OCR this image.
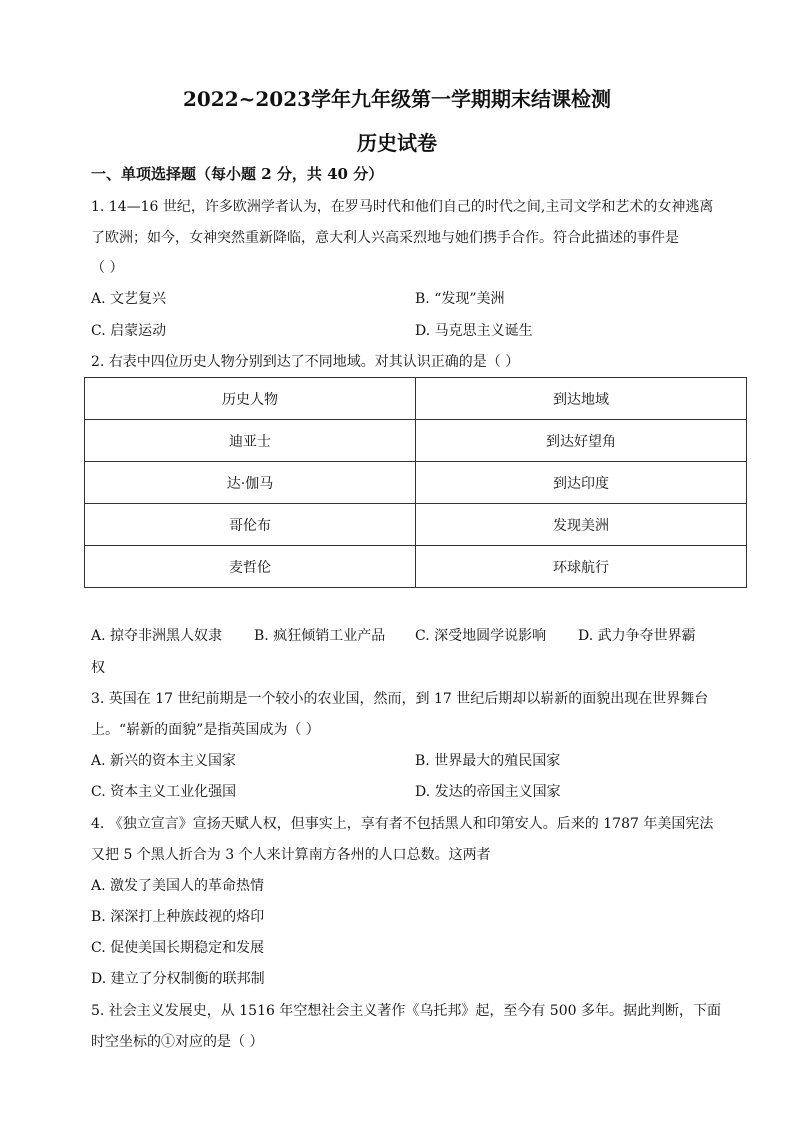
2022~2023学年九年级第一学期期末结课检测
历史试卷
一、单项选择题（每小题 2 分，共 40 分）
1. 14—16 世纪，许多欧洲学者认为，在罗马时代和他们自己的时代之间,主司文学和艺术的女神逃离
了欧洲；如今，女神突然重新降临，意大利人兴高采烈地与她们携手合作。符合此描述的事件是
（ ）
A. 文艺复兴	B. “发现”美洲
C. 启蒙运动	D. 马克思主义诞生
2. 右表中四位历史人物分别到达了不同地域。对其认识正确的是（ ）
历史人物	到达地域
迪亚士	到达好望角
达·伽马	到达印度
哥伦布	发现美洲
麦哲伦	环球航行
A. 掠夺非洲黑人奴隶 B. 疯狂倾销工业产品 C. 深受地圆学说影响 D. 武力争夺世界霸
权
3. 英国在 17 世纪前期是一个较小的农业国，然而，到 17 世纪后期却以崭新的面貌出现在世界舞台
上。“崭新的面貌”是指英国成为（ ）
A. 新兴的资本主义国家	B. 世界最大的殖民国家
C. 资本主义工业化强国	D. 发达的帝国主义国家
4. 《独立宣言》宣扬天赋人权，但事实上，享有者不包括黑人和印第安人。后来的 1787 年美国宪法
又把 5 个黑人折合为 3 个人来计算南方各州的人口总数。这两者
A. 激发了美国人的革命热情
B. 深深打上种族歧视的烙印
C. 促使美国长期稳定和发展
D. 建立了分权制衡的联邦制
5. 社会主义发展史，从 1516 年空想社会主义著作《乌托邦》起，至今有 500 多年。据此判断，下面
时空坐标的①对应的是（ ）
